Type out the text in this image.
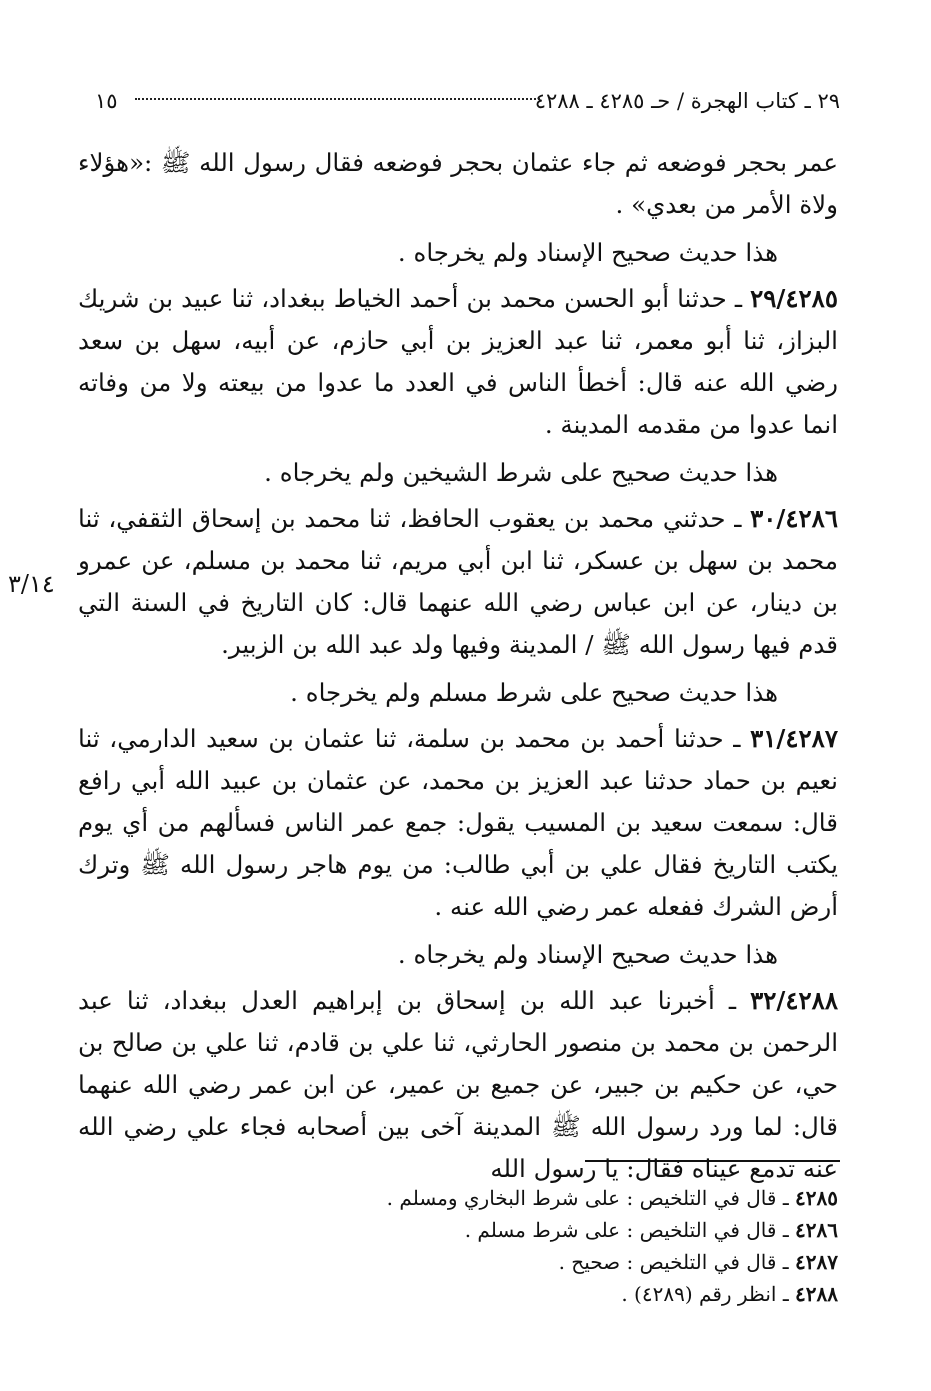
٢٩ ـ كتاب الهجرة / حـ ٤٢٨٥ ـ ٤٢٨٨
١٥
٣/١٤

عمر بحجر فوضعه ثم جاء عثمان بحجر فوضعه فقال رسول الله ﷺ :«هؤلاء ولاة الأمر من بعدي» .

هذا حديث صحيح الإسناد ولم يخرجاه .

٢٩/٤٢٨٥ ـ حدثنا أبو الحسن محمد بن أحمد الخياط ببغداد، ثنا عبيد بن شريك البزاز، ثنا أبو معمر، ثنا عبد العزيز بن أبي حازم، عن أبيه، سهل بن سعد رضي الله عنه قال: أخطأ الناس في العدد ما عدوا من بيعته ولا من وفاته انما عدوا من مقدمه المدينة .

هذا حديث صحيح على شرط الشيخين ولم يخرجاه .

٣٠/٤٢٨٦ ـ حدثني محمد بن يعقوب الحافظ، ثنا محمد بن إسحاق الثقفي، ثنا محمد بن سهل بن عسكر، ثنا ابن أبي مريم، ثنا محمد بن مسلم، عن عمرو بن دينار، عن ابن عباس رضي الله عنهما قال: كان التاريخ في السنة التي قدم فيها رسول الله ﷺ / المدينة وفيها ولد عبد الله بن الزبير.

هذا حديث صحيح على شرط مسلم ولم يخرجاه .

٣١/٤٢٨٧ ـ حدثنا أحمد بن محمد بن سلمة، ثنا عثمان بن سعيد الدارمي، ثنا نعيم بن حماد حدثنا عبد العزيز بن محمد، عن عثمان بن عبيد الله أبي رافع قال: سمعت سعيد بن المسيب يقول: جمع عمر الناس فسألهم من أي يوم يكتب التاريخ فقال علي بن أبي طالب: من يوم هاجر رسول الله ﷺ وترك أرض الشرك ففعله عمر رضي الله عنه .

هذا حديث صحيح الإسناد ولم يخرجاه .

٣٢/٤٢٨٨ ـ أخبرنا عبد الله بن إسحاق بن إبراهيم العدل ببغداد، ثنا عبد الرحمن بن محمد بن منصور الحارثي، ثنا علي بن قادم، ثنا علي بن صالح بن حي، عن حكيم بن جبير، عن جميع بن عمير، عن ابن عمر رضي الله عنهما قال: لما ورد رسول الله ﷺ المدينة آخى بين أصحابه فجاء علي رضي الله عنه تدمع عيناه فقال: يا رسول الله

٤٢٨٥ ـ قال في التلخيص : على شرط البخاري ومسلم .
٤٢٨٦ ـ قال في التلخيص : على شرط مسلم .
٤٢٨٧ ـ قال في التلخيص : صحيح .
٤٢٨٨ ـ انظر رقم (٤٢٨٩) .
